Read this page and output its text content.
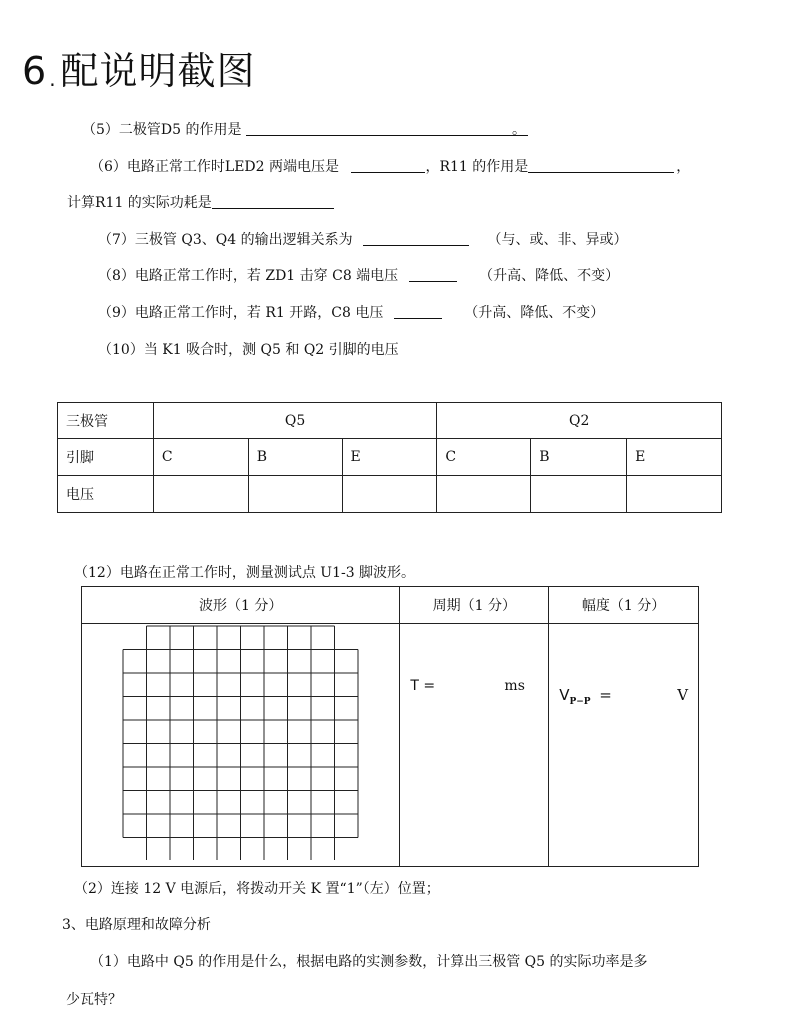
6 . 配说明截图
（5）二极管D5 的作用是	。
（6）电路正常工作时LED2 两端电压是	，R11 的作用是	，
计算R11 的实际功耗是
（7）三极管 Q3、Q4 的输出逻辑关系为	（与、或、非、异或）
（8）电路正常工作时，若 ZD1 击穿 C8 端电压	（升高、降低、不变）
（9）电路正常工作时，若 R1 开路，C8 电压	（升高、降低、不变）
（10）当 K1 吸合时，测 Q5 和 Q2 引脚的电压
三极管	Q5			Q2		
引脚	C	B	E	C	B	E
电压						
（12）电路在正常工作时，测量测试点 U1-3 脚波形。
波形（1 分）	周期（1 分）	幅度（1 分）

	T = ms	$V_{P-P} = V$
（2）连接 12 V 电源后，将拨动开关 K 置“1”（左）位置；
3、电路原理和故障分析
（1）电路中 Q5 的作用是什么，根据电路的实测参数，计算出三极管 Q5 的实际功率是多
少瓦特？
